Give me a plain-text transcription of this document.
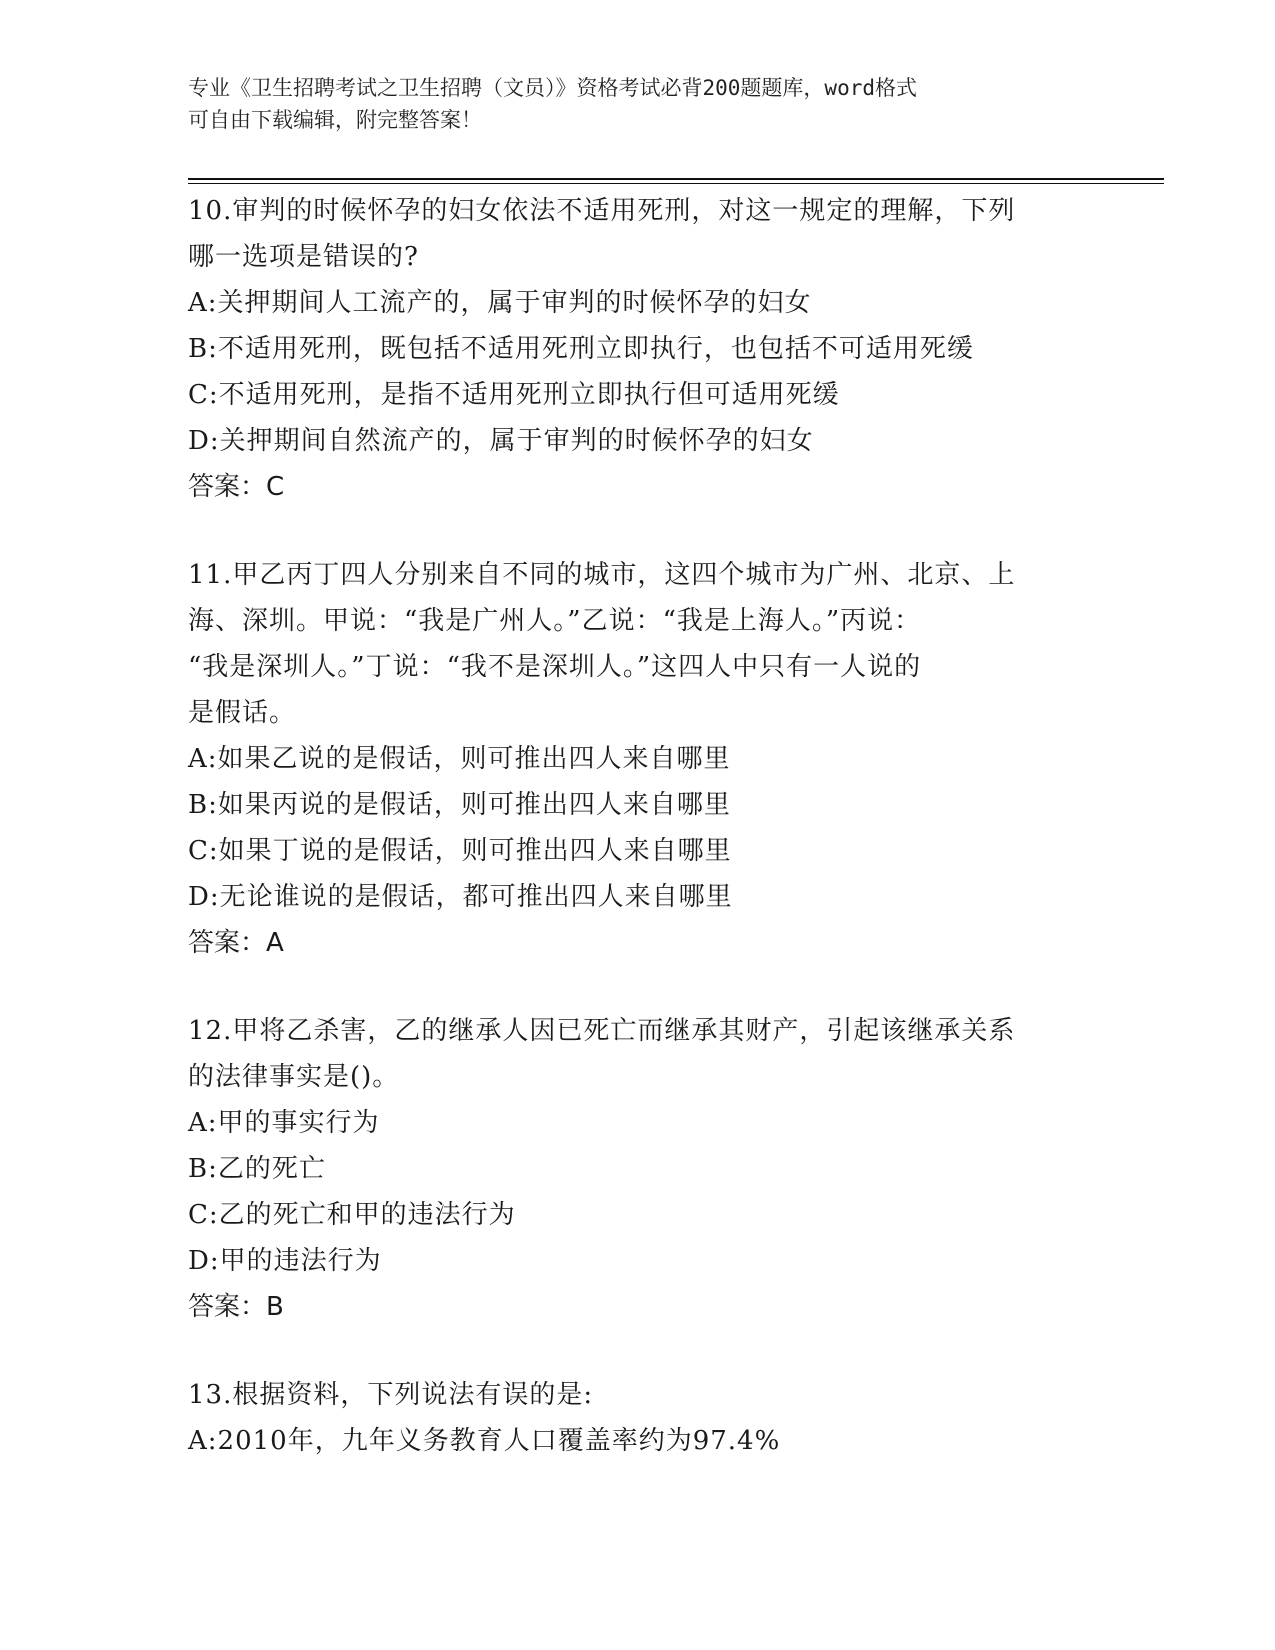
专业《卫生招聘考试之卫生招聘（文员）》资格考试必背200题题库，word格式
可自由下载编辑，附完整答案！
10.审判的时候怀孕的妇女依法不适用死刑，对这一规定的理解，下列
哪一选项是错误的?
A:关押期间人工流产的，属于审判的时候怀孕的妇女
B:不适用死刑，既包括不适用死刑立即执行，也包括不可适用死缓
C:不适用死刑，是指不适用死刑立即执行但可适用死缓
D:关押期间自然流产的，属于审判的时候怀孕的妇女
答案：C
11.甲乙丙丁四人分别来自不同的城市，这四个城市为广州、北京、上
海、深圳。甲说：“我是广州人。”乙说：“我是上海人。”丙说：
“我是深圳人。”丁说：“我不是深圳人。”这四人中只有一人说的
是假话。
A:如果乙说的是假话，则可推出四人来自哪里
B:如果丙说的是假话，则可推出四人来自哪里
C:如果丁说的是假话，则可推出四人来自哪里
D:无论谁说的是假话，都可推出四人来自哪里
答案：A
12.甲将乙杀害，乙的继承人因已死亡而继承其财产，引起该继承关系
的法律事实是()。
A:甲的事实行为
B:乙的死亡
C:乙的死亡和甲的违法行为
D:甲的违法行为
答案：B
13.根据资料，下列说法有误的是:
A:2010年，九年义务教育人口覆盖率约为97.4%
